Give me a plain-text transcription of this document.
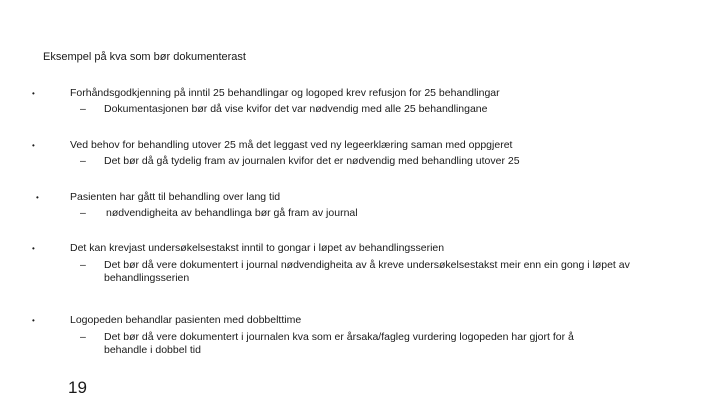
Eksempel på kva som bør dokumenterast
•	Forhåndsgodkjenning på inntil 25 behandlingar og logoped krev refusjon for 25 behandlingar
– Dokumentasjonen bør då vise kvifor det var nødvendig med alle 25 behandlingane
•	Ved behov for behandling utover 25 må det leggast ved ny legeerklæring saman med oppgjeret
– Det bør då gå tydelig fram av journalen kvifor det er nødvendig med behandling utover 25
•	Pasienten har gått til behandling over lang tid
– nødvendigheita av behandlinga bør gå fram av journal
•	Det kan krevjast undersøkelsestakst inntil to gongar i løpet av behandlingsserien
– Det bør då vere dokumentert i journal nødvendigheita av å kreve undersøkelsestakst meir enn ein gong i løpet av behandlingsserien
•	Logopeden behandlar pasienten med dobbelttime
– Det bør då vere dokumentert i journalen kva som er årsaka/fagleg vurdering logopeden har gjort for å behandle i dobbel tid
19
